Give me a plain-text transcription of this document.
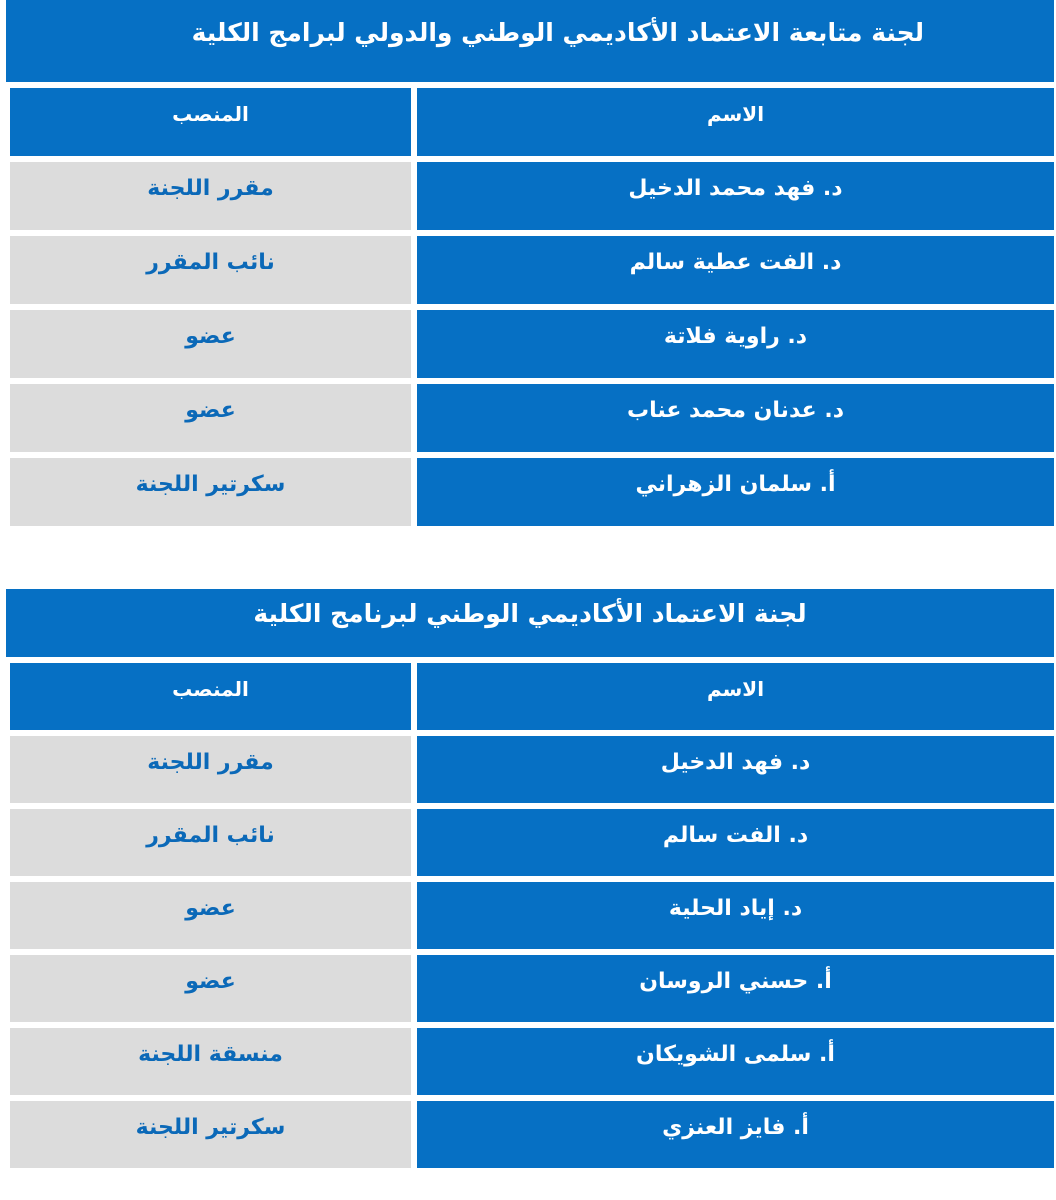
لجنة متابعة الاعتماد الأكاديمي الوطني والدولي لبرامج الكلية
الاسم
المنصب
د. فهد محمد الدخيل
مقرر اللجنة
د. الفت عطية سالم
نائب المقرر
د. راوية فلاتة
عضو
د. عدنان محمد عناب
عضو
أ. سلمان الزهراني
سكرتير اللجنة
لجنة الاعتماد الأكاديمي الوطني لبرنامج الكلية
الاسم
المنصب
د. فهد الدخيل
مقرر اللجنة
د. الفت سالم
نائب المقرر
د. إياد الحلية
عضو
أ. حسني الروسان
عضو
أ. سلمى الشويكان
منسقة اللجنة
أ. فايز العنزي
سكرتير اللجنة
